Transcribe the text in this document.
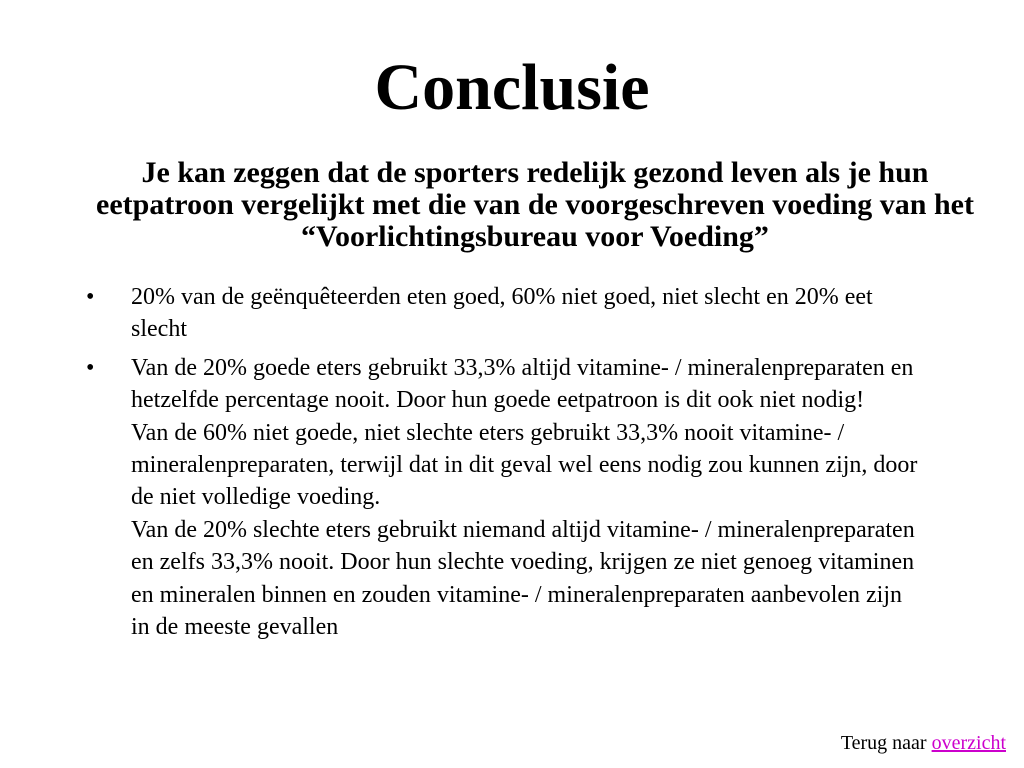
Conclusie
Je kan zeggen dat de sporters redelijk gezond leven als je hun eetpatroon vergelijkt met die van de voorgeschreven voeding van het “Voorlichtingsbureau voor Voeding”
• 20% van de geënquêteerden eten goed, 60% niet goed, niet slecht en 20% eet slecht
• Van de 20% goede eters gebruikt 33,3% altijd vitamine- / mineralenpreparaten en hetzelfde percentage nooit. Door hun goede eetpatroon is dit ook niet nodig!
Van de 60% niet goede, niet slechte eters gebruikt 33,3% nooit vitamine- / mineralenpreparaten, terwijl dat in dit geval wel eens nodig zou kunnen zijn, door de niet volledige voeding.
Van de 20% slechte eters gebruikt niemand altijd vitamine- / mineralenpreparaten en zelfs 33,3% nooit. Door hun slechte voeding, krijgen ze niet genoeg vitaminen en mineralen binnen en zouden vitamine- / mineralenpreparaten aanbevolen zijn in de meeste gevallen
Terug naar overzicht
